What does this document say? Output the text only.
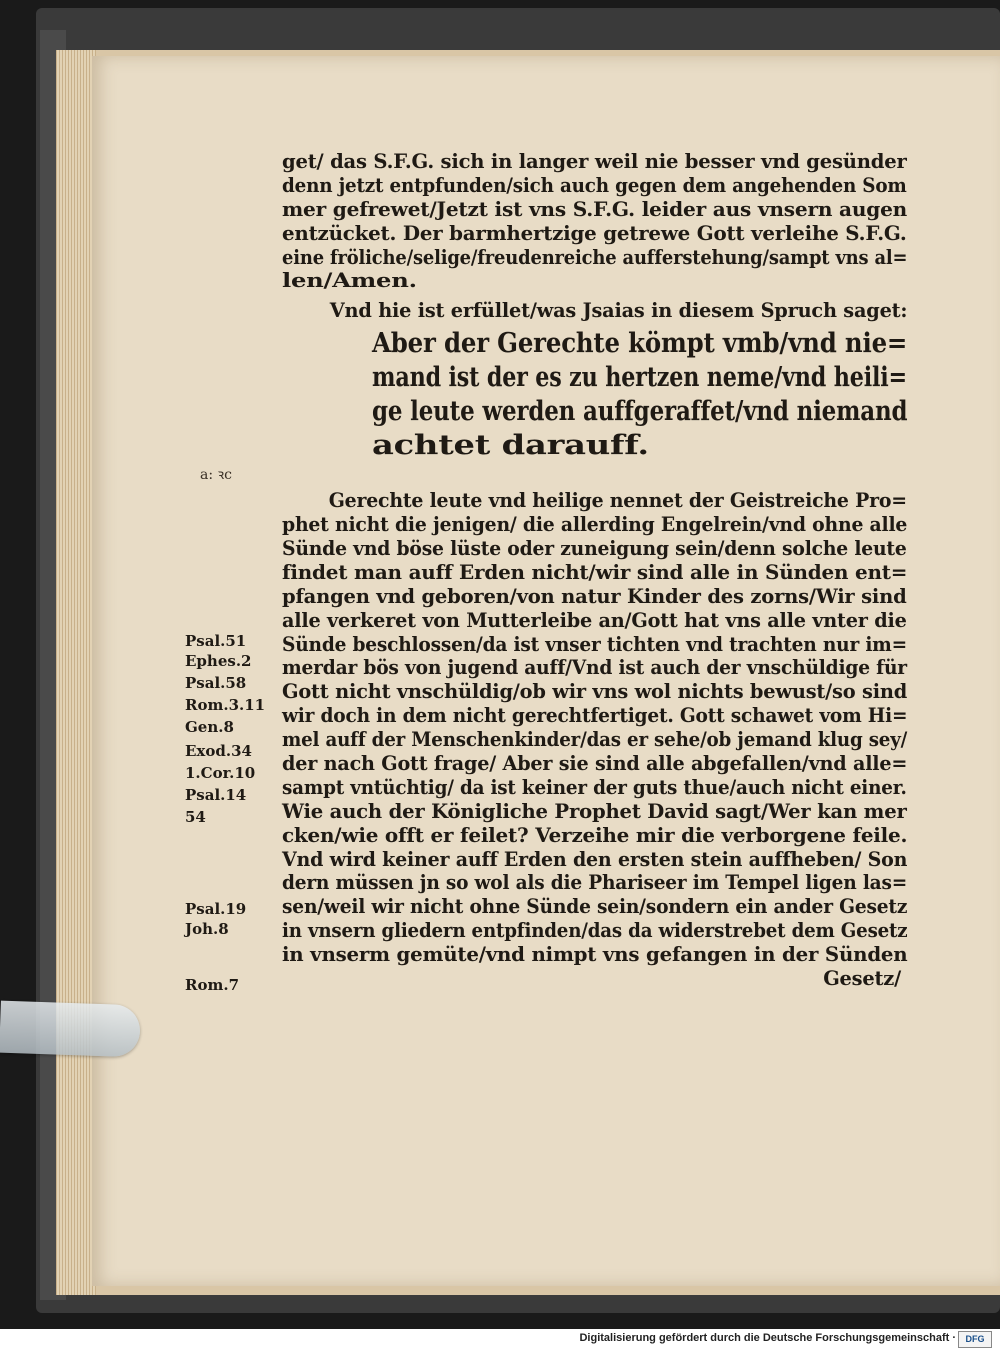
get/ das S.F.G. sich in langer weil nie besser vnd gesünder
denn jetzt entpfunden/sich auch gegen dem angehenden Som
mer gefrewet/Jetzt ist vns S.F.G. leider aus vnsern augen
entzücket. Der barmhertzige getrewe Gott verleihe S.F.G.
eine fröliche/selige/freudenreiche aufferstehung/sampt vns al=
len/Amen.
Vnd hie ist erfüllet/was Jsaias in diesem Spruch saget:
Aber der Gerechte kömpt vmb/vnd nie=
mand ist der es zu hertzen neme/vnd heili=
ge leute werden auffgeraffet/vnd niemand
achtet darauff.
Gerechte leute vnd heilige nennet der Geistreiche Pro=
phet nicht die jenigen/ die allerding Engelrein/vnd ohne alle
Sünde vnd böse lüste oder zuneigung sein/denn solche leute
findet man auff Erden nicht/wir sind alle in Sünden ent=
pfangen vnd geboren/von natur Kinder des zorns/Wir sind
alle verkeret von Mutterleibe an/Gott hat vns alle vnter die
Sünde beschlossen/da ist vnser tichten vnd trachten nur im=
merdar bös von jugend auff/Vnd ist auch der vnschüldige für
Gott nicht vnschüldig/ob wir vns wol nichts bewust/so sind
wir doch in dem nicht gerechtfertiget. Gott schawet vom Hi=
mel auff der Menschenkinder/das er sehe/ob jemand klug sey/
der nach Gott frage/ Aber sie sind alle abgefallen/vnd alle=
sampt vntüchtig/ da ist keiner der guts thue/auch nicht einer.
Wie auch der Königliche Prophet David sagt/Wer kan mer
cken/wie offt er feilet? Verzeihe mir die verborgene feile.
Vnd wird keiner auff Erden den ersten stein auffheben/ Son
dern müssen jn so wol als die Phariseer im Tempel ligen las=
sen/weil wir nicht ohne Sünde sein/sondern ein ander Gesetz
in vnsern gliedern entpfinden/das da widerstrebet dem Gesetz
in vnserm gemüte/vnd nimpt vns gefangen in der Sünden
Gesetz/
a: ꝛc
Psal.51
Ephes.2
Psal.58
Rom.3.11
Gen.8
Exod.34
1.Cor.10
Psal.14
54
Psal.19
Joh.8
Rom.7
Digitalisierung gefördert durch die Deutsche Forschungsgemeinschaft ·	DFG
